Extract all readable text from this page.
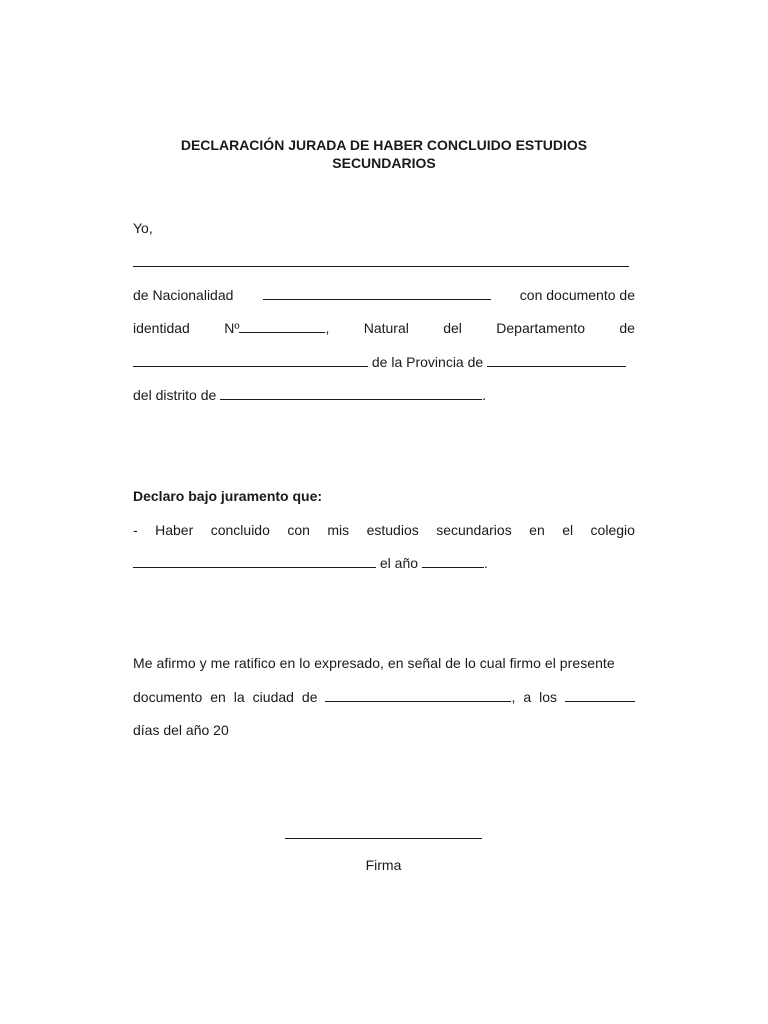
DECLARACIÓN JURADA DE HABER CONCLUIDO ESTUDIOS
SECUNDARIOS
Yo,
de Nacionalidad	con documento de
identidad Nº	, Natural del Departamento de
de la Provincia de
del distrito de	.
Declaro bajo juramento que:
- Haber concluido con mis estudios secundarios en el colegio
el año	.
Me afirmo y me ratifico en lo expresado, en señal de lo cual firmo el presente
documento en la ciudad de	, a los
días del año 20
Firma
